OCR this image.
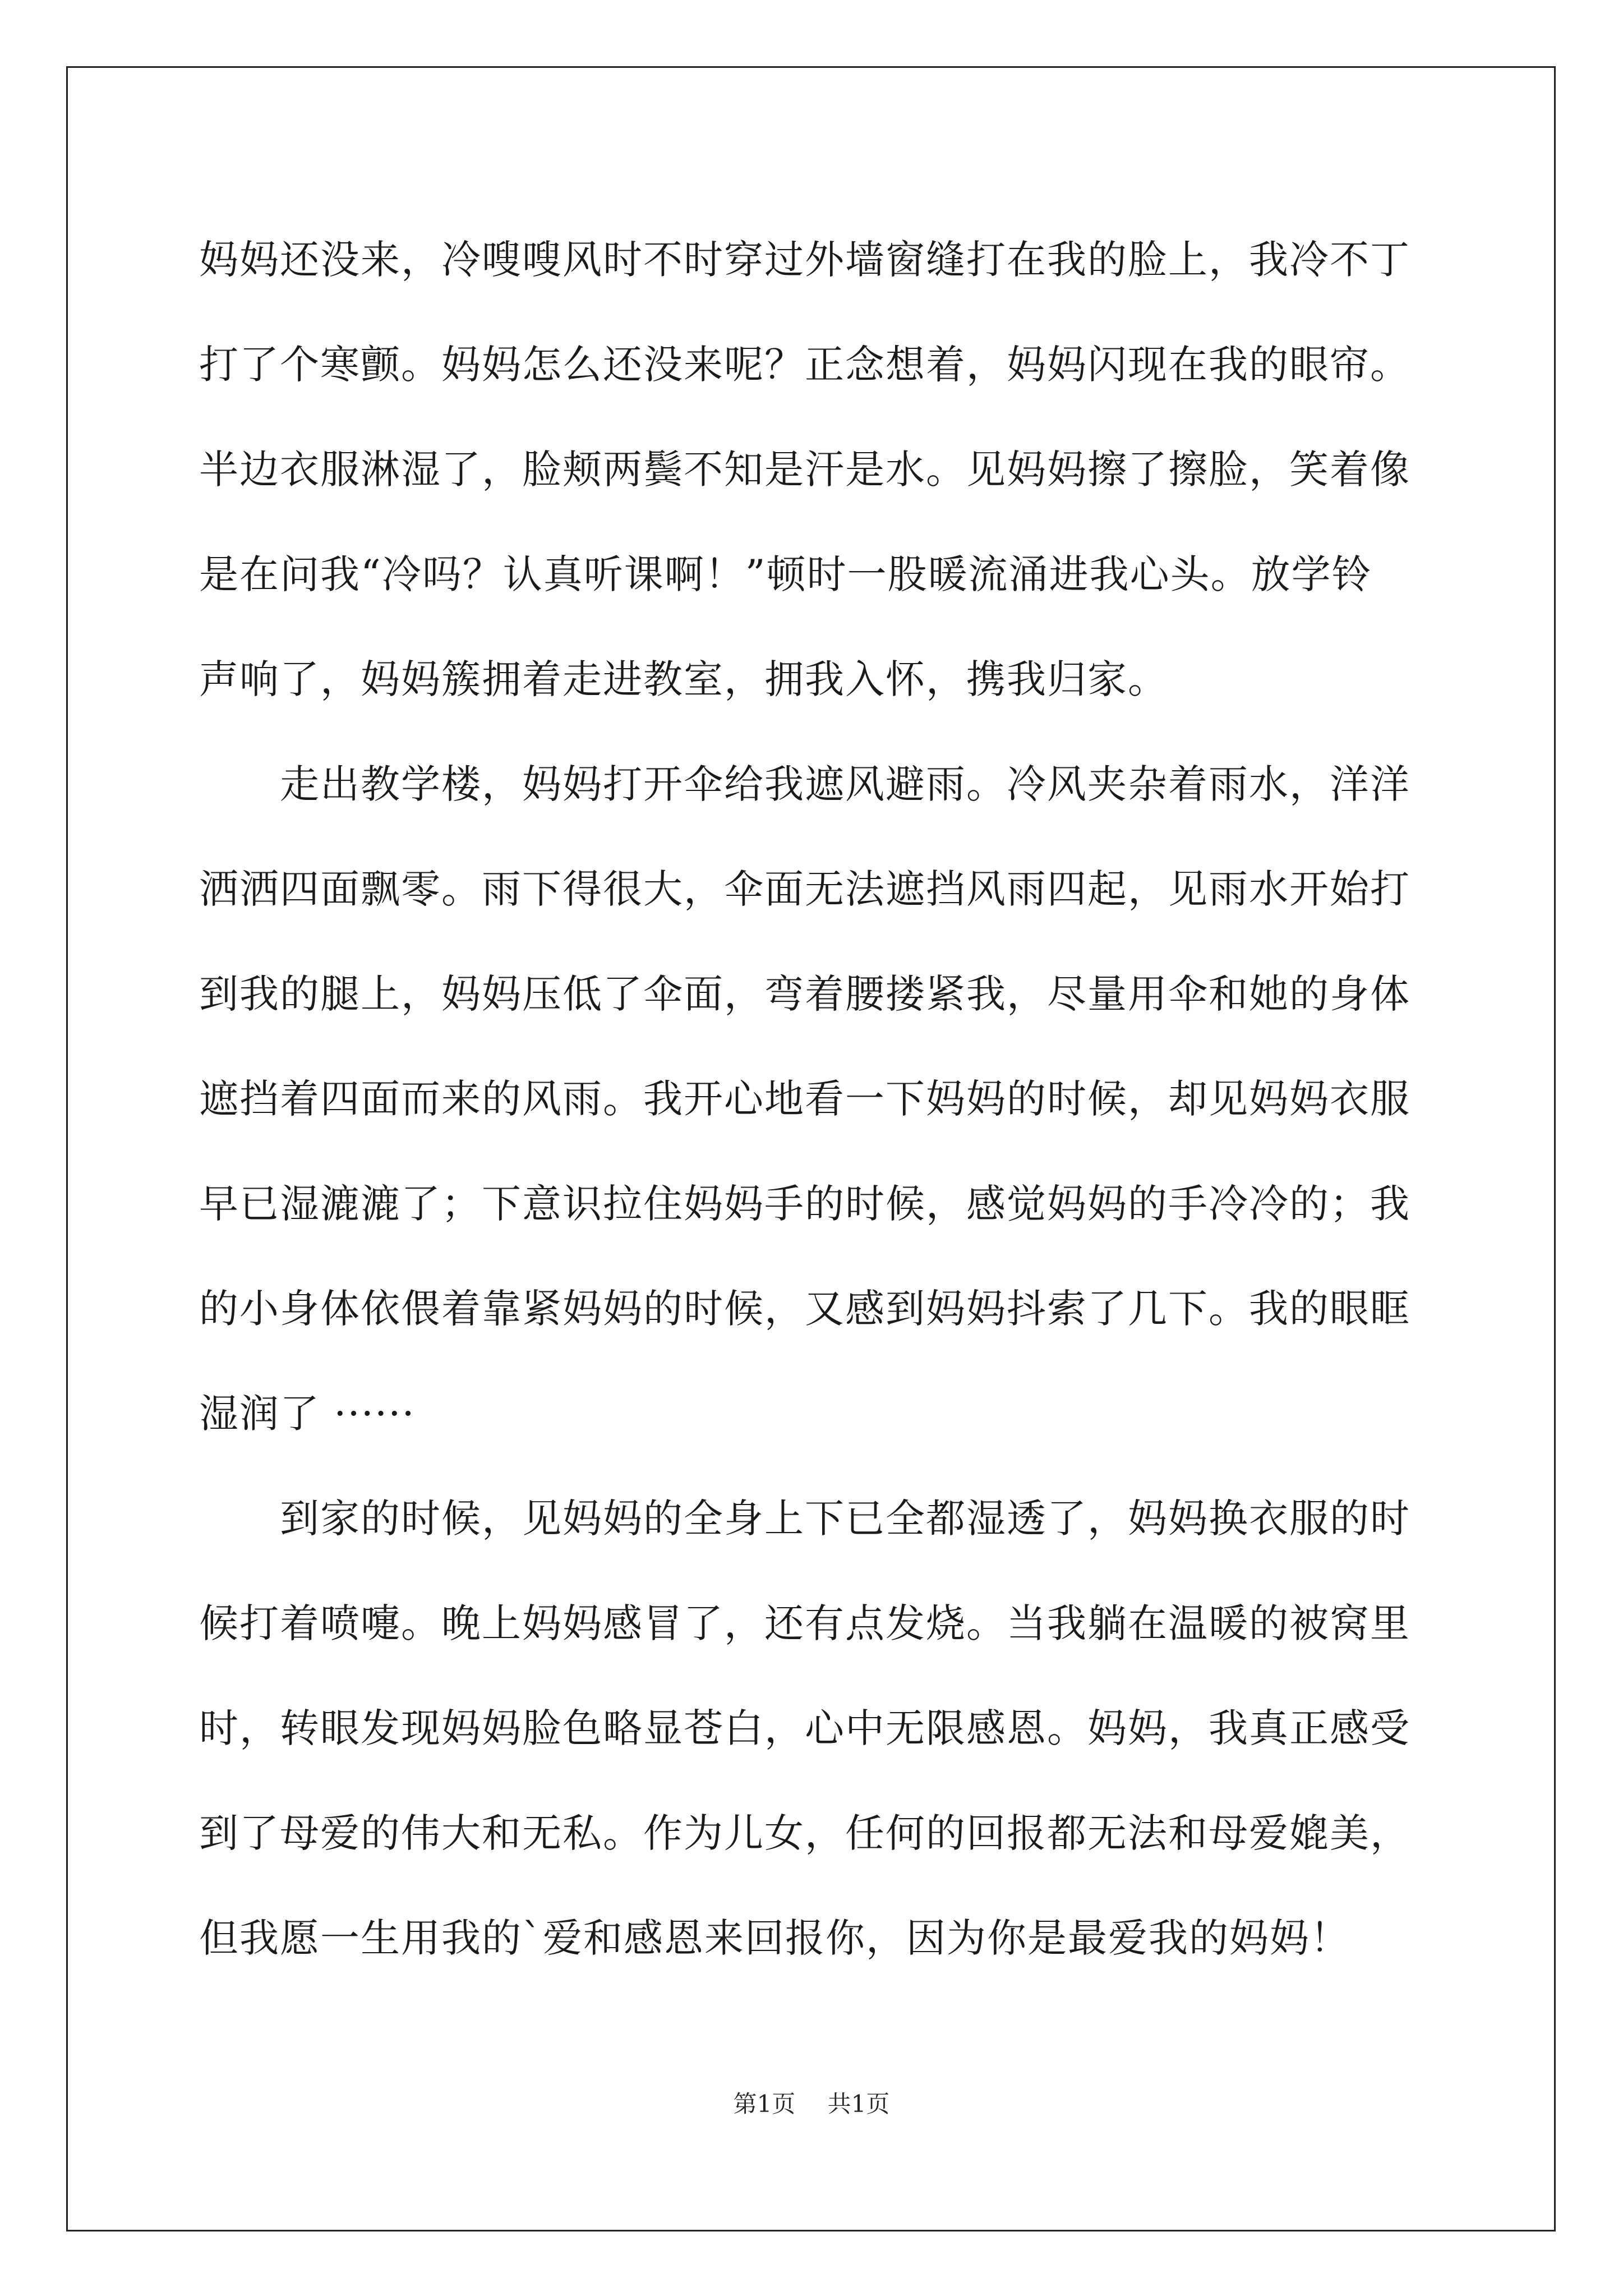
妈妈还没来，冷嗖嗖风时不时穿过外墙窗缝打在我的脸上，我冷不丁

打了个寒颤。妈妈怎么还没来呢？正念想着，妈妈闪现在我的眼帘。

半边衣服淋湿了，脸颊两鬓不知是汗是水。见妈妈擦了擦脸，笑着像

是在问我“冷吗？认真听课啊！”顿时一股暖流涌进我心头。放学铃

声响了，妈妈簇拥着走进教室，拥我入怀，携我归家。

　　走出教学楼，妈妈打开伞给我遮风避雨。冷风夹杂着雨水，洋洋

洒洒四面飘零。雨下得很大，伞面无法遮挡风雨四起，见雨水开始打

到我的腿上，妈妈压低了伞面，弯着腰搂紧我，尽量用伞和她的身体

遮挡着四面而来的风雨。我开心地看一下妈妈的时候，却见妈妈衣服

早已湿漉漉了；下意识拉住妈妈手的时候，感觉妈妈的手冷冷的；我

的小身体依偎着靠紧妈妈的时候，又感到妈妈抖索了几下。我的眼眶

湿润了 ······

　　到家的时候，见妈妈的全身上下已全都湿透了，妈妈换衣服的时

候打着喷嚏。晚上妈妈感冒了，还有点发烧。当我躺在温暖的被窝里

时，转眼发现妈妈脸色略显苍白，心中无限感恩。妈妈，我真正感受

到了母爱的伟大和无私。作为儿女，任何的回报都无法和母爱媲美，

但我愿一生用我的`爱和感恩来回报你，因为你是最爱我的妈妈！

第1页 共1页
